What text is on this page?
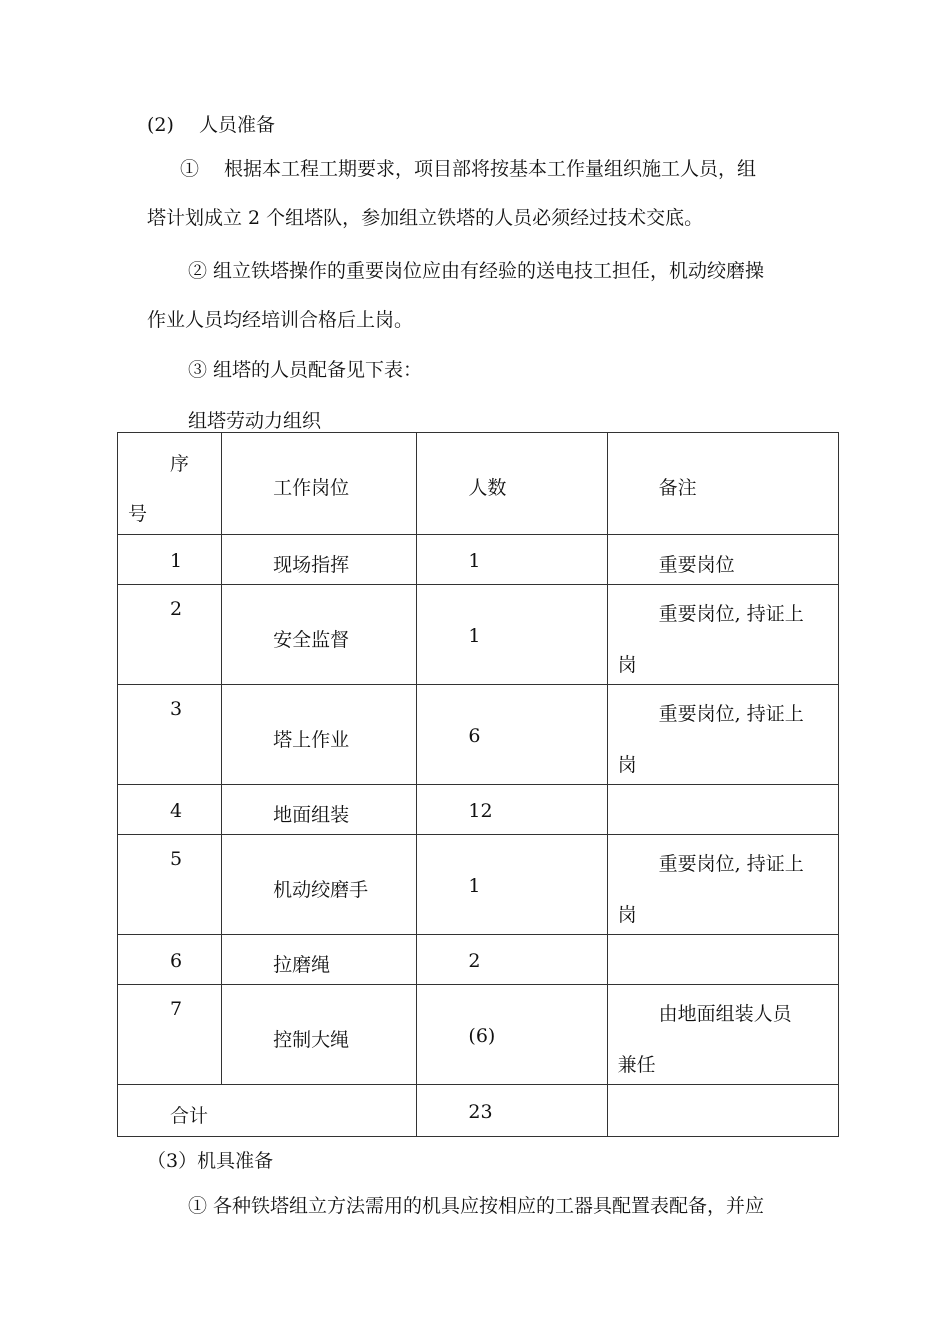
(2)　 人员准备
①　 根据本工程工期要求，项目部将按基本工作量组织施工人员，组
塔计划成立 2 个组塔队，参加组立铁塔的人员必须经过技术交底。
② 组立铁塔操作的重要岗位应由有经验的送电技工担任，机动绞磨操
作业人员均经培训合格后上岗。
③ 组塔的人员配备见下表：
组塔劳动力组织
序
号	工作岗位	人数	备注

1	现场指挥	1	重要岗位

2	安全监督	1	重要岗位, 持证上
岗

3	塔上作业	6	重要岗位, 持证上
岗

4	地面组装	12	

5	机动绞磨手	1	重要岗位, 持证上
岗

6	拉磨绳	2	

7	控制大绳	(6)	由地面组装人员
兼任

合计		23	

（3）机具准备
① 各种铁塔组立方法需用的机具应按相应的工器具配置表配备，并应
